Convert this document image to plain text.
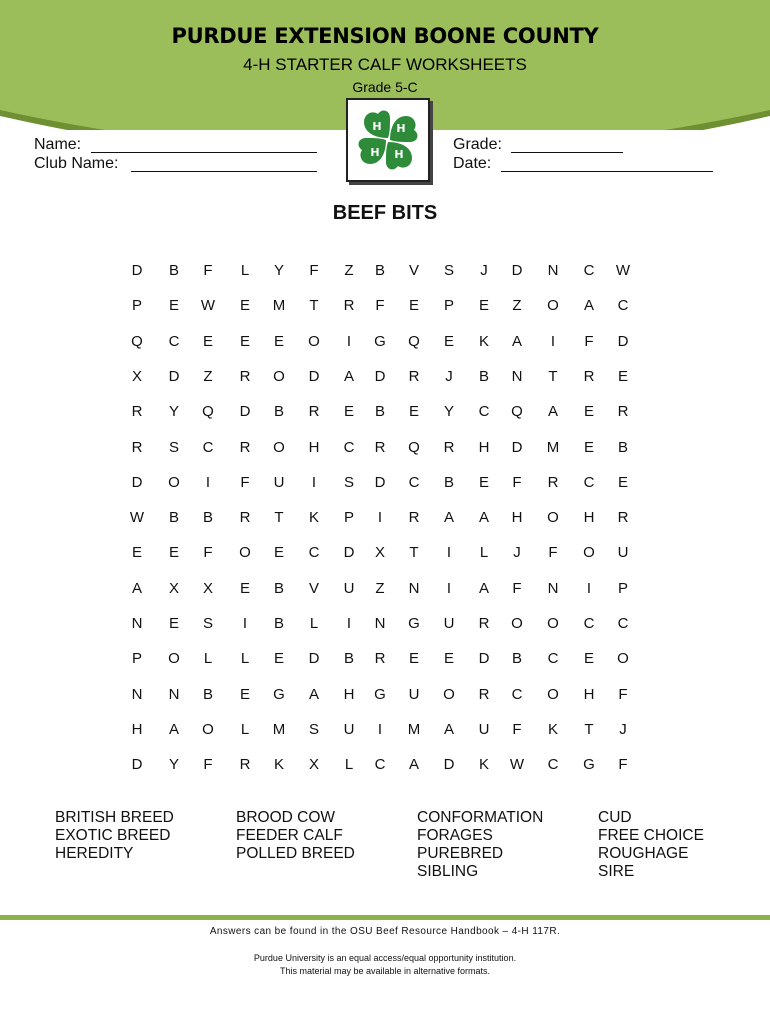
PURDUE EXTENSION BOONE COUNTY
4-H STARTER CALF WORKSHEETS
Grade 5-C
H H
H
H
Name:
Club Name:
Grade:
Date:
BEEF BITS
D	B	F	L	Y	F	Z	B	V	S	J	D	N	C	W
P	E	W	E	M	T	R	F	E	P	E	Z	O	A	C
Q	C	E	E	E	O	I	G	Q	E	K	A	I	F	D
X	D	Z	R	O	D	A	D	R	J	B	N	T	R	E
R	Y	Q	D	B	R	E	B	E	Y	C	Q	A	E	R
R	S	C	R	O	H	C	R	Q	R	H	D	M	E	B
D	O	I	F	U	I	S	D	C	B	E	F	R	C	E
W	B	B	R	T	K	P	I	R	A	A	H	O	H	R
E	E	F	O	E	C	D	X	T	I	L	J	F	O	U
A	X	X	E	B	V	U	Z	N	I	A	F	N	I	P
N	E	S	I	B	L	I	N	G	U	R	O	O	C	C
P	O	L	L	E	D	B	R	E	E	D	B	C	E	O
N	N	B	E	G	A	H	G	U	O	R	C	O	H	F
H	A	O	L	M	S	U	I	M	A	U	F	K	T	J
D	Y	F	R	K	X	L	C	A	D	K	W	C	G	F
BRITISH BREED
EXOTIC BREED
HEREDITY
BROOD COW
FEEDER CALF
POLLED BREED
CONFORMATION
FORAGES
PUREBRED
SIBLING
CUD
FREE CHOICE
ROUGHAGE
SIRE
Answers can be found in the OSU Beef Resource Handbook – 4-H 117R.
Purdue University is an equal access/equal opportunity institution.
This material may be available in alternative formats.
